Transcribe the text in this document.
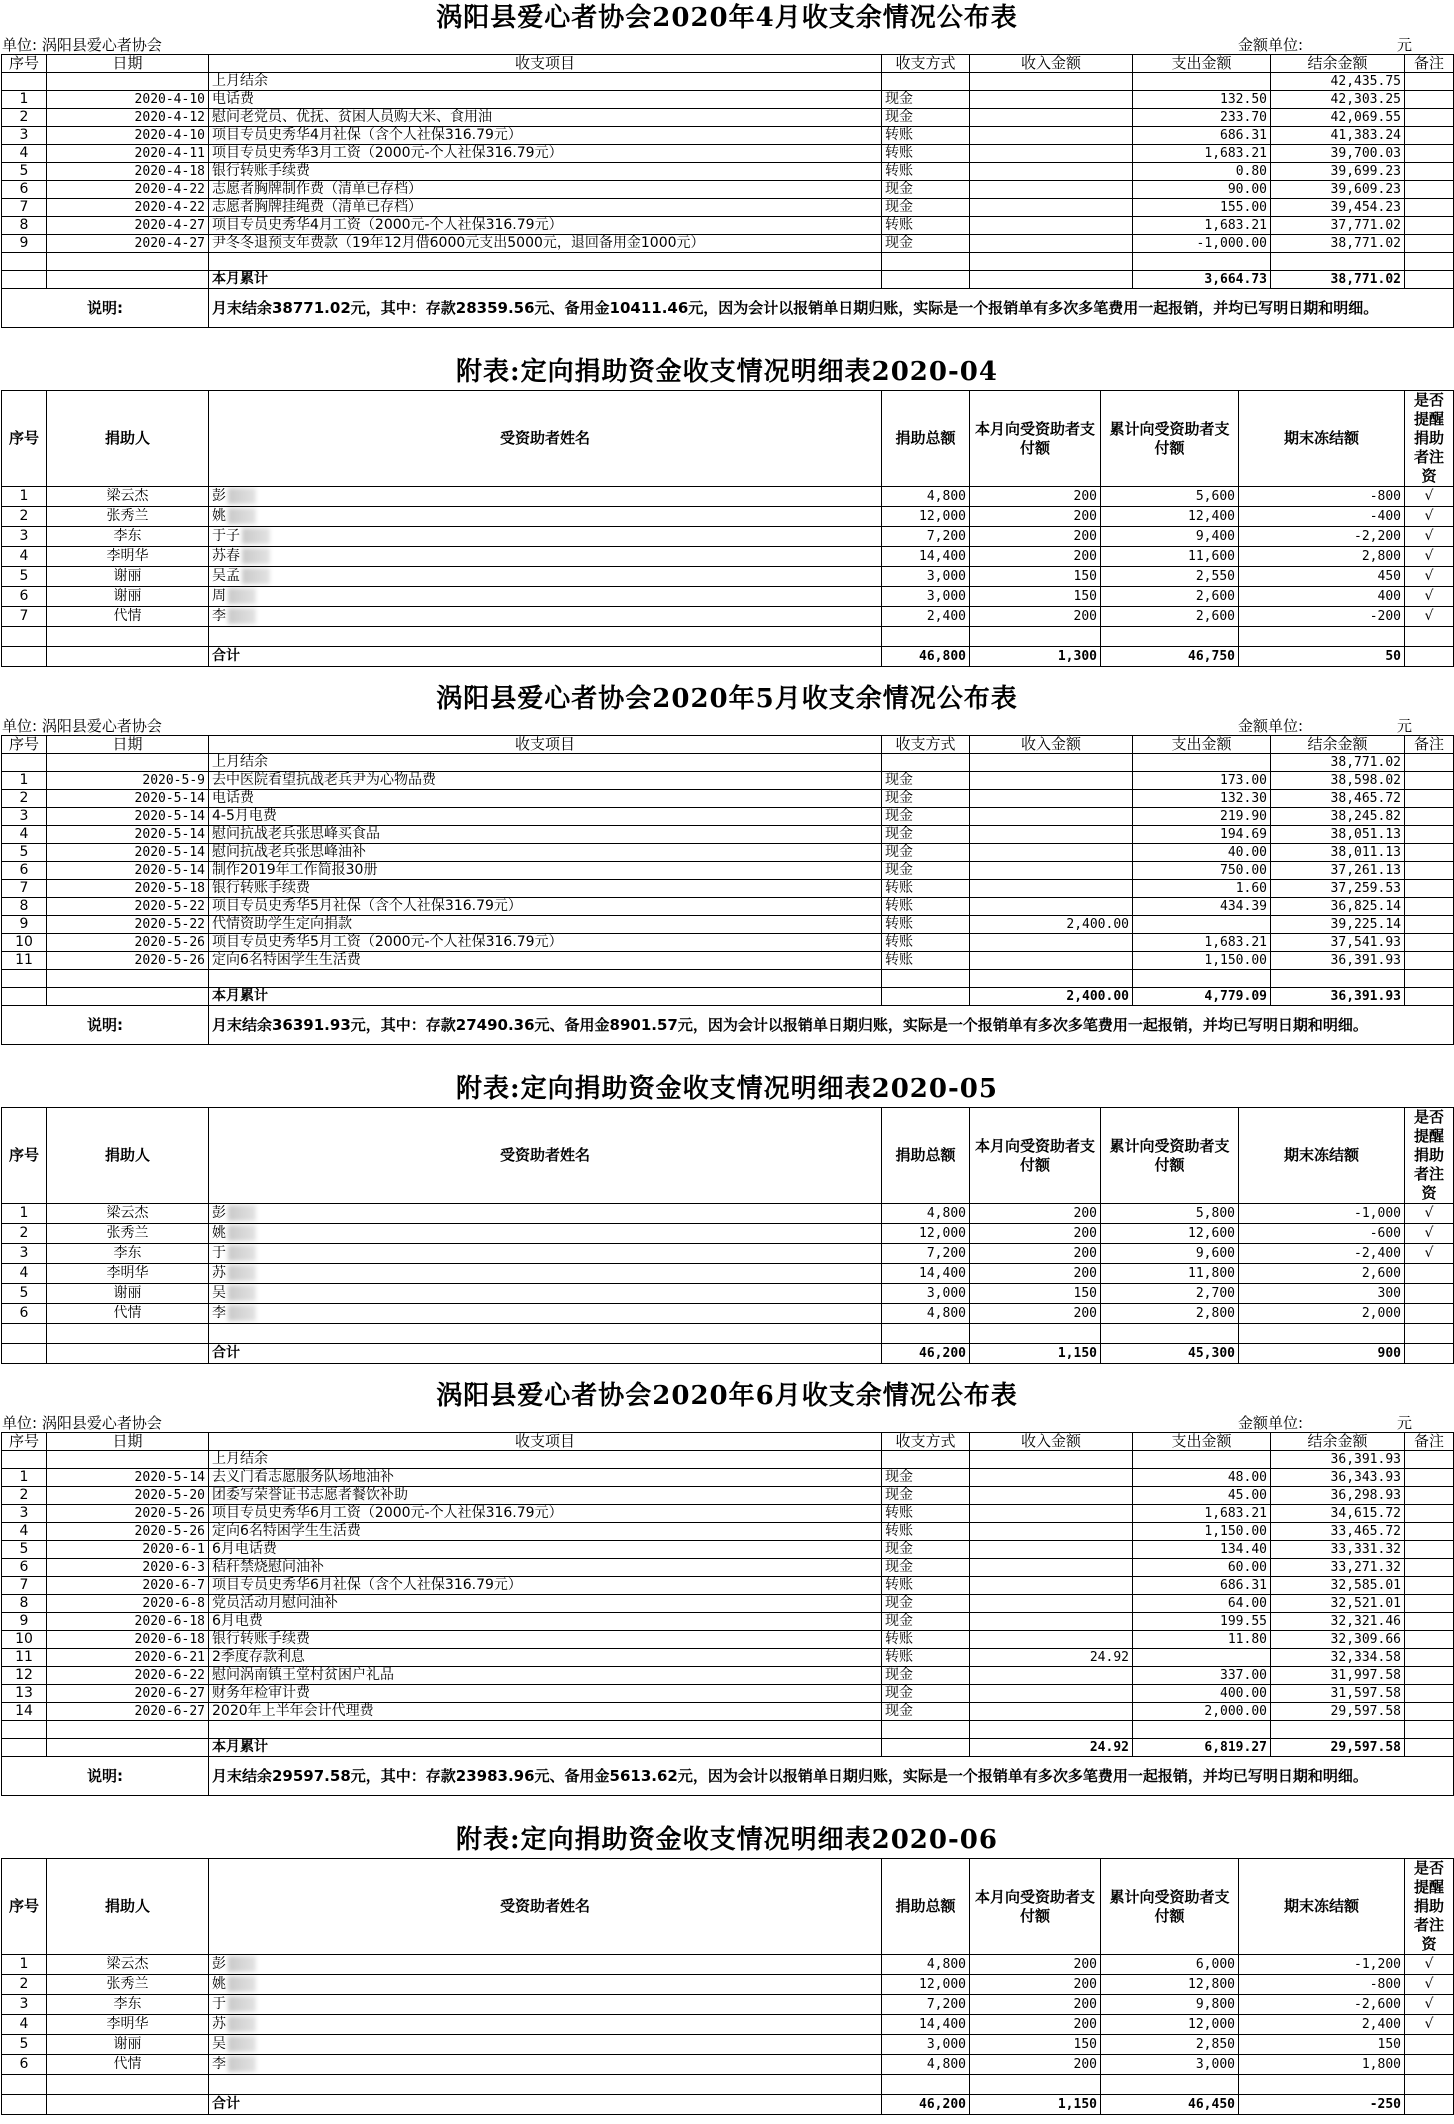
涡阳县爱心者协会2020年4月收支余情况公布表
单位: 涡阳县爱心者协会	金额单位:	元
序号	日期	收支项目	收支方式	收入金额	支出金额	结余金额	备注
		上月结余				42,435.75	
1	2020-4-10	电话费	现金		132.50	42,303.25	
2	2020-4-12	慰问老党员、优抚、贫困人员购大米、食用油	现金		233.70	42,069.55	
3	2020-4-10	项目专员史秀华4月社保（含个人社保316.79元）	转账		686.31	41,383.24	
4	2020-4-11	项目专员史秀华3月工资（2000元-个人社保316.79元）	转账		1,683.21	39,700.03	
5	2020-4-18	银行转账手续费	转账		0.80	39,699.23	
6	2020-4-22	志愿者胸牌制作费（清单已存档）	现金		90.00	39,609.23	
7	2020-4-22	志愿者胸牌挂绳费（清单已存档）	现金		155.00	39,454.23	
8	2020-4-27	项目专员史秀华4月工资（2000元-个人社保316.79元）	转账		1,683.21	37,771.02	
9	2020-4-27	尹冬冬退预支年费款（19年12月借6000元支出5000元，退回备用金1000元）	现金		-1,000.00	38,771.02	

		本月累计			3,664.73	38,771.02	
说明:		月末结余38771.02元，其中：存款28359.56元、备用金10411.46元，因为会计以报销单日期归账，实际是一个报销单有多次多笔费用一起报销，并均已写明日期和明细。					
附表:定向捐助资金收支情况明细表2020-04
序号	捐助人	受资助者姓名	捐助总额	本月向受资助者支付额	累计向受资助者支付额	期末冻结额	是否提醒捐助者注资
1	梁云杰	彭	4,800	200	5,600	-800	√
2	张秀兰	姚	12,000	200	12,400	-400	√
3	李东	于子	7,200	200	9,400	-2,200	√
4	李明华	苏春	14,400	200	11,600	2,800	√
5	谢丽	吴孟	3,000	150	2,550	450	√
6	谢丽	周	3,000	150	2,600	400	√
7	代情	李	2,400	200	2,600	-200	√

		合计	46,800	1,300	46,750	50	
涡阳县爱心者协会2020年5月收支余情况公布表
单位: 涡阳县爱心者协会	金额单位:	元
序号	日期	收支项目	收支方式	收入金额	支出金额	结余金额	备注
		上月结余				38,771.02	
1	2020-5-9	去中医院看望抗战老兵尹为心物品费	现金		173.00	38,598.02	
2	2020-5-14	电话费	现金		132.30	38,465.72	
3	2020-5-14	4-5月电费	现金		219.90	38,245.82	
4	2020-5-14	慰问抗战老兵张思峰买食品	现金		194.69	38,051.13	
5	2020-5-14	慰问抗战老兵张思峰油补	现金		40.00	38,011.13	
6	2020-5-14	制作2019年工作简报30册	现金		750.00	37,261.13	
7	2020-5-18	银行转账手续费	转账		1.60	37,259.53	
8	2020-5-22	项目专员史秀华5月社保（含个人社保316.79元）	转账		434.39	36,825.14	
9	2020-5-22	代情资助学生定向捐款	转账	2,400.00		39,225.14	
10	2020-5-26	项目专员史秀华5月工资（2000元-个人社保316.79元）	转账		1,683.21	37,541.93	
11	2020-5-26	定向6名特困学生生活费	转账		1,150.00	36,391.93	

		本月累计		2,400.00	4,779.09	36,391.93	
说明:		月末结余36391.93元，其中：存款27490.36元、备用金8901.57元，因为会计以报销单日期归账，实际是一个报销单有多次多笔费用一起报销，并均已写明日期和明细。					
附表:定向捐助资金收支情况明细表2020-05
序号	捐助人	受资助者姓名	捐助总额	本月向受资助者支付额	累计向受资助者支付额	期末冻结额	是否提醒捐助者注资
1	梁云杰	彭	4,800	200	5,800	-1,000	√
2	张秀兰	姚	12,000	200	12,600	-600	√
3	李东	于	7,200	200	9,600	-2,400	√
4	李明华	苏	14,400	200	11,800	2,600	
5	谢丽	吴	3,000	150	2,700	300	
6	代情	李	4,800	200	2,800	2,000	

		合计	46,200	1,150	45,300	900	
涡阳县爱心者协会2020年6月收支余情况公布表
单位: 涡阳县爱心者协会	金额单位:	元
序号	日期	收支项目	收支方式	收入金额	支出金额	结余金额	备注
		上月结余				36,391.93	
1	2020-5-14	去义门看志愿服务队场地油补	现金		48.00	36,343.93	
2	2020-5-20	团委写荣誉证书志愿者餐饮补助	现金		45.00	36,298.93	
3	2020-5-26	项目专员史秀华6月工资（2000元-个人社保316.79元）	转账		1,683.21	34,615.72	
4	2020-5-26	定向6名特困学生生活费	转账		1,150.00	33,465.72	
5	2020-6-1	6月电话费	现金		134.40	33,331.32	
6	2020-6-3	秸秆禁烧慰问油补	现金		60.00	33,271.32	
7	2020-6-7	项目专员史秀华6月社保（含个人社保316.79元）	转账		686.31	32,585.01	
8	2020-6-8	党员活动月慰问油补	现金		64.00	32,521.01	
9	2020-6-18	6月电费	现金		199.55	32,321.46	
10	2020-6-18	银行转账手续费	转账		11.80	32,309.66	
11	2020-6-21	2季度存款利息	转账	24.92		32,334.58	
12	2020-6-22	慰问涡南镇王堂村贫困户礼品	现金		337.00	31,997.58	
13	2020-6-27	财务年检审计费	现金		400.00	31,597.58	
14	2020-6-27	2020年上半年会计代理费	现金		2,000.00	29,597.58	

		本月累计		24.92	6,819.27	29,597.58	
说明:		月末结余29597.58元，其中：存款23983.96元、备用金5613.62元，因为会计以报销单日期归账，实际是一个报销单有多次多笔费用一起报销，并均已写明日期和明细。					
附表:定向捐助资金收支情况明细表2020-06
序号	捐助人	受资助者姓名	捐助总额	本月向受资助者支付额	累计向受资助者支付额	期末冻结额	是否提醒捐助者注资
1	梁云杰	彭	4,800	200	6,000	-1,200	√
2	张秀兰	姚	12,000	200	12,800	-800	√
3	李东	于	7,200	200	9,800	-2,600	√
4	李明华	苏	14,400	200	12,000	2,400	√
5	谢丽	吴	3,000	150	2,850	150	
6	代情	李	4,800	200	3,000	1,800	

		合计	46,200	1,150	46,450	-250	
